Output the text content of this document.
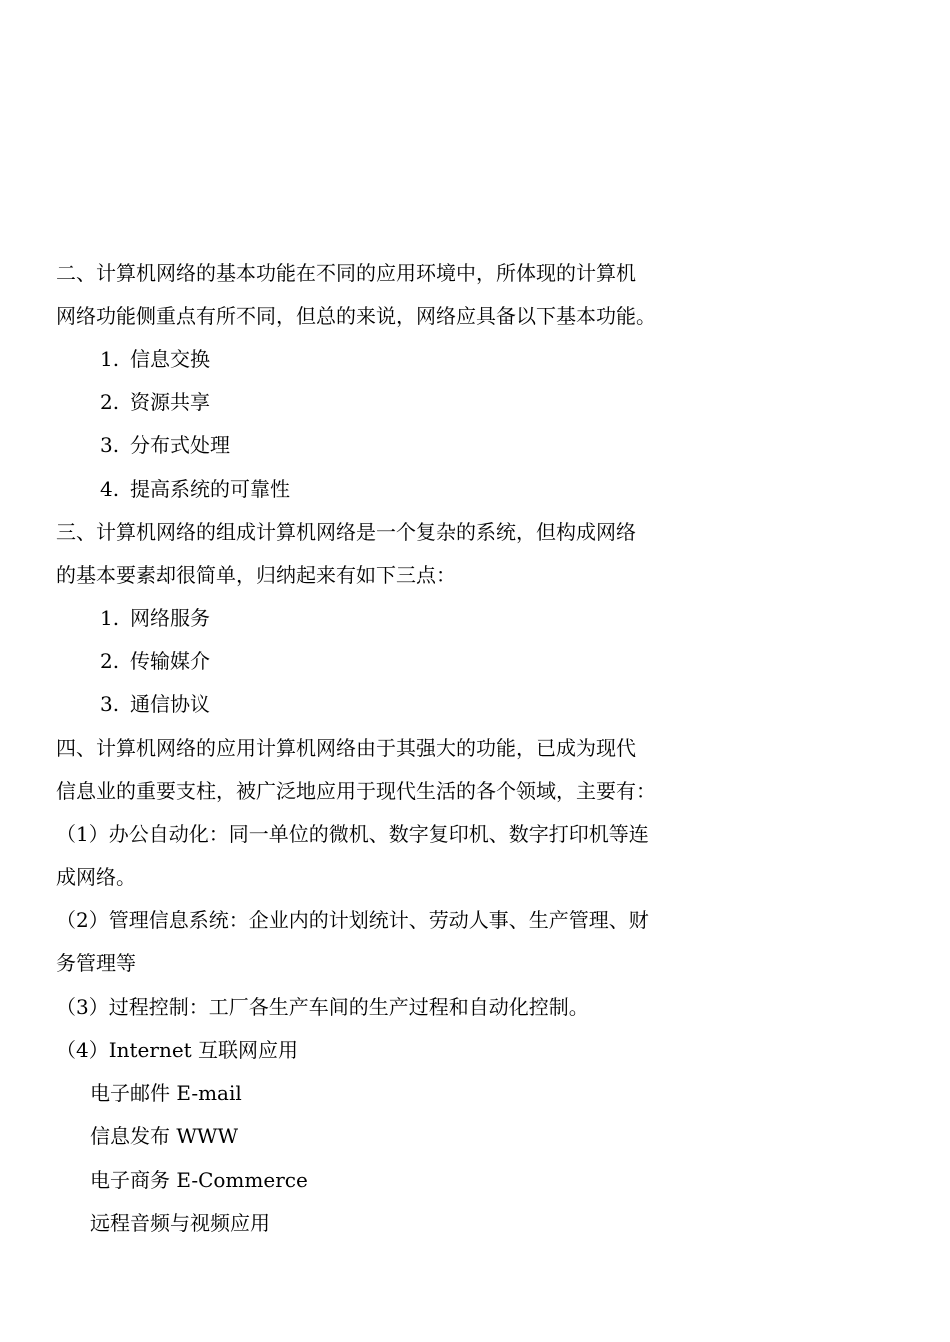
二、计算机网络的基本功能在不同的应用环境中，所体现的计算机
网络功能侧重点有所不同，但总的来说，网络应具备以下基本功能。
1. 信息交换
2. 资源共享
3. 分布式处理
4. 提高系统的可靠性
三、计算机网络的组成计算机网络是一个复杂的系统，但构成网络
的基本要素却很简单，归纳起来有如下三点：
1. 网络服务
2. 传输媒介
3. 通信协议
四、计算机网络的应用计算机网络由于其强大的功能，已成为现代
信息业的重要支柱，被广泛地应用于现代生活的各个领域，主要有：
（1）办公自动化：同一单位的微机、数字复印机、数字打印机等连
成网络。
（2）管理信息系统：企业内的计划统计、劳动人事、生产管理、财
务管理等
（3）过程控制：工厂各生产车间的生产过程和自动化控制。
（4）Internet 互联网应用
电子邮件 E-mail
信息发布 WWW
电子商务 E-Commerce
远程音频与视频应用
